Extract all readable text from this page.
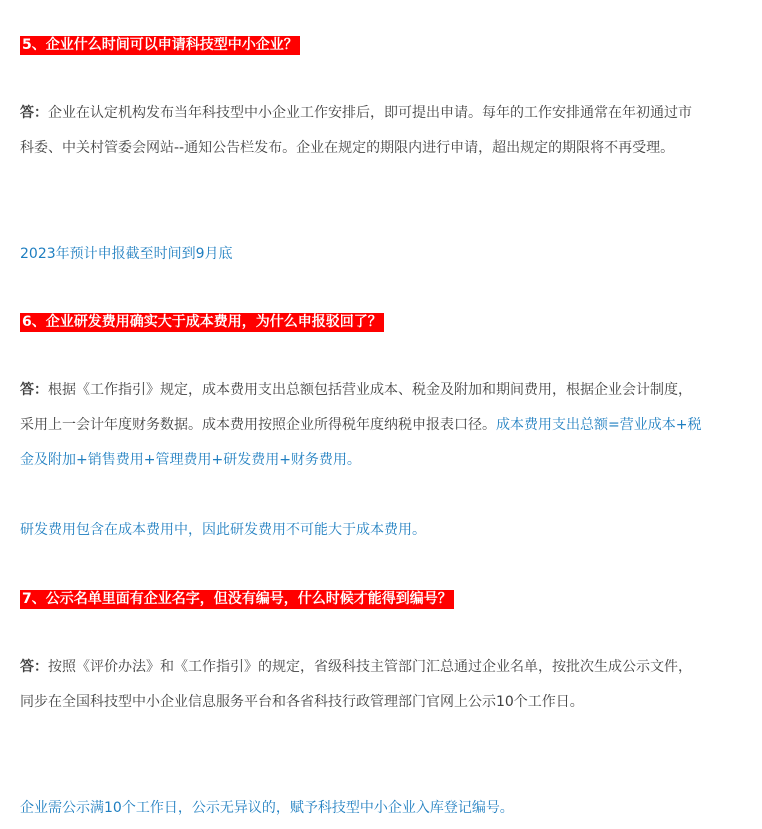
5、企业什么时间可以申请科技型中小企业？
答：企业在认定机构发布当年科技型中小企业工作安排后，即可提出申请。每年的工作安排通常在年初通过市科委、中关村管委会网站--通知公告栏发布。企业在规定的期限内进行申请，超出规定的期限将不再受理。
2023年预计申报截至时间到9月底
6、企业研发费用确实大于成本费用，为什么申报驳回了？
答：根据《工作指引》规定，成本费用支出总额包括营业成本、税金及附加和期间费用，根据企业会计制度，采用上一会计年度财务数据。成本费用按照企业所得税年度纳税申报表口径。成本费用支出总额=营业成本+税金及附加+销售费用+管理费用+研发费用+财务费用。
研发费用包含在成本费用中，因此研发费用不可能大于成本费用。
7、公示名单里面有企业名字，但没有编号，什么时候才能得到编号？
答：按照《评价办法》和《工作指引》的规定，省级科技主管部门汇总通过企业名单，按批次生成公示文件，同步在全国科技型中小企业信息服务平台和各省科技行政管理部门官网上公示10个工作日。
企业需公示满10个工作日，公示无异议的，赋予科技型中小企业入库登记编号。
